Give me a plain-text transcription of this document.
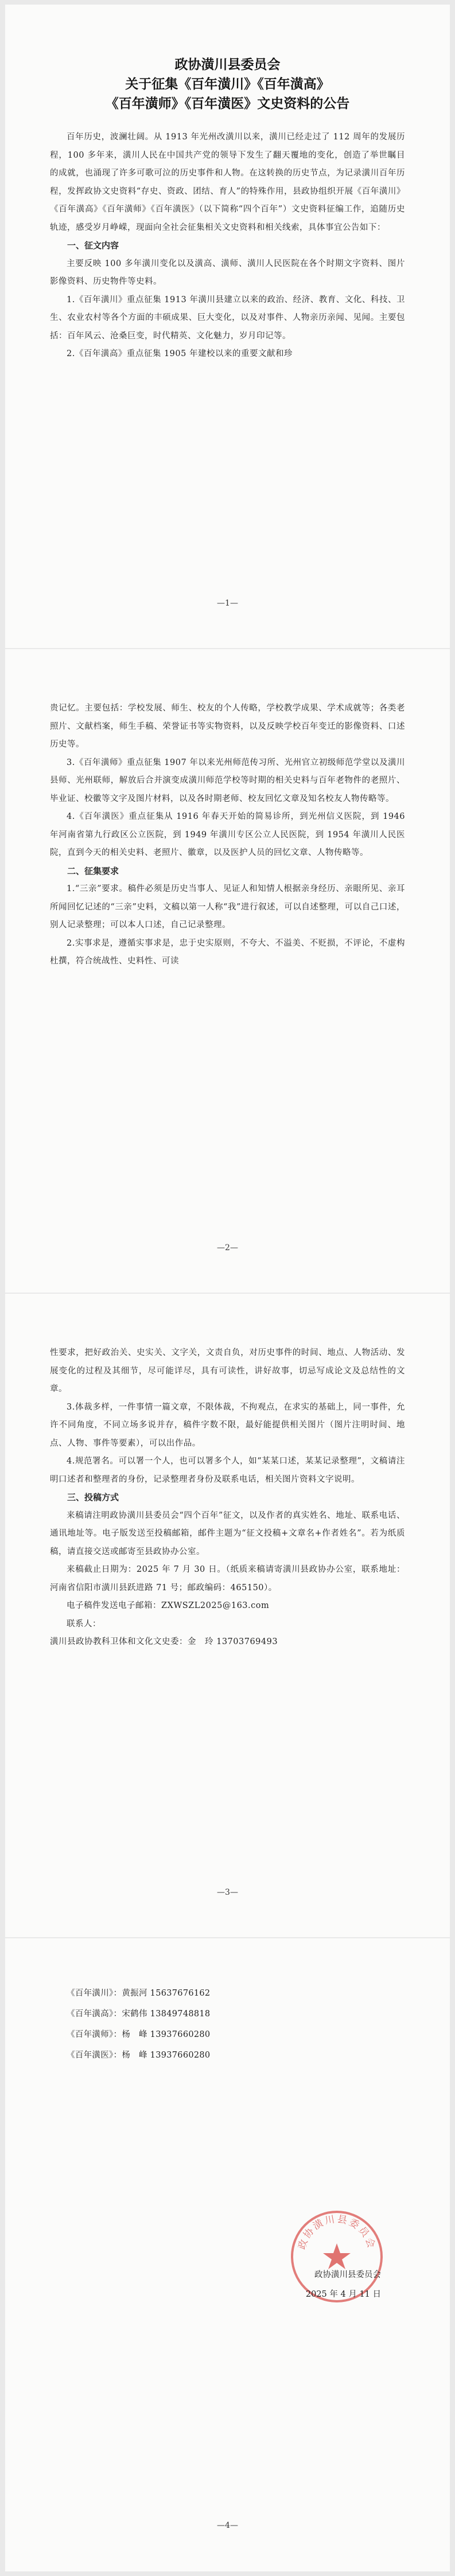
政协潢川县委员会
关于征集《百年潢川》《百年潢高》
《百年潢师》《百年潢医》文史资料的公告

百年历史，波澜壮阔。从 1913 年光州改潢川以来，潢川已经走过了 112 周年的发展历程，100 多年来，潢川人民在中国共产党的领导下发生了翻天覆地的变化，创造了举世瞩目的成就，也涌现了许多可歌可泣的历史事件和人物。在这转换的历史节点，为记录潢川百年历程，发挥政协文史资料“存史、资政、团结、育人”的特殊作用，县政协组织开展《百年潢川》《百年潢高》《百年潢师》《百年潢医》（以下简称“四个百年”）文史资料征编工作，追随历史轨迹，感受岁月峥嵘，现面向全社会征集相关文史资料和相关线索，具体事宜公告如下：

一、征文内容

主要反映 100 多年潢川变化以及潢高、潢师、潢川人民医院在各个时期文字资料、图片影像资料、历史物件等史料。

1.《百年潢川》重点征集 1913 年潢川县建立以来的政治、经济、教育、文化、科技、卫生、农业农村等各个方面的丰硕成果、巨大变化，以及对事件、人物亲历亲闻、见闻。主要包括：百年风云、沧桑巨变，时代精英、文化魅力，岁月印记等。

2.《百年潢高》重点征集 1905 年建校以来的重要文献和珍

—1—

贵记忆。主要包括：学校发展、师生、校友的个人传略，学校教学成果、学术成就等；各类老照片、文献档案，师生手稿、荣誉证书等实物资料，以及反映学校百年变迁的影像资料、口述历史等。

3.《百年潢师》重点征集 1907 年以来光州师范传习所、光州官立初级师范学堂以及潢川县师、光州联师，解放后合并演变成潢川师范学校等时期的相关史料与百年老物件的老照片、毕业证、校徽等文字及图片材料，以及各时期老师、校友回忆文章及知名校友人物传略等。

4.《百年潢医》重点征集从 1916 年春天开始的简易诊所，到光州信义医院，到 1946 年河南省第九行政区公立医院，到 1949 年潢川专区公立人民医院，到 1954 年潢川人民医院，直到今天的相关史料、老照片、徽章，以及医护人员的回忆文章、人物传略等。

二、征集要求

1.“三亲”要求。稿件必须是历史当事人、见证人和知情人根据亲身经历、亲眼所见、亲耳所闻回忆记述的“三亲”史料，文稿以第一人称“我”进行叙述，可以自述整理，可以自己口述，别人记录整理；可以本人口述，自己记录整理。

2.实事求是，遵循实事求是，忠于史实原则，不夸大、不溢美、不贬损，不评论，不虚构杜撰，符合统战性、史料性、可读

—2—

性要求，把好政治关、史实关、文字关，文责自负，对历史事件的时间、地点、人物活动、发展变化的过程及其细节，尽可能详尽，具有可读性，讲好故事，切忌写成论文及总结性的文章。

3.体裁多样，一件事情一篇文章，不限体裁，不拘观点，在求实的基础上，同一事件，允许不同角度，不同立场多说并存，稿件字数不限，最好能提供相关图片（图片注明时间、地点、人物、事件等要素），可以出作品。

4.规范署名。可以署一个人，也可以署多个人，如“某某口述，某某记录整理”，文稿请注明口述者和整理者的身份，记录整理者身份及联系电话，相关图片资料文字说明。

三、投稿方式

来稿请注明政协潢川县委员会“四个百年”征文，以及作者的真实姓名、地址、联系电话、通讯地址等。电子版发送至投稿邮箱，邮件主题为“征文投稿+文章名+作者姓名”。若为纸质稿，请直接交送或邮寄至县政协办公室。

来稿截止日期为：2025 年 7 月 30 日。（纸质来稿请寄潢川县政协办公室，联系地址：河南省信阳市潢川县跃进路 71 号；邮政编码：465150）。

电子稿件发送电子邮箱：ZXWSZL2025@163.com

联系人：

潢川县政协教科卫体和文化文史委：金　玲 13703769493

—3—
《百年潢川》：黄振河 15637676162
《百年潢高》：宋鹤伟 13849748818
《百年潢师》：杨　峰 13937660280
《百年潢医》：杨　峰 13937660280
政协潢川县委员会
政协潢川县委员会
2025 年 4 月 11 日
—4—
